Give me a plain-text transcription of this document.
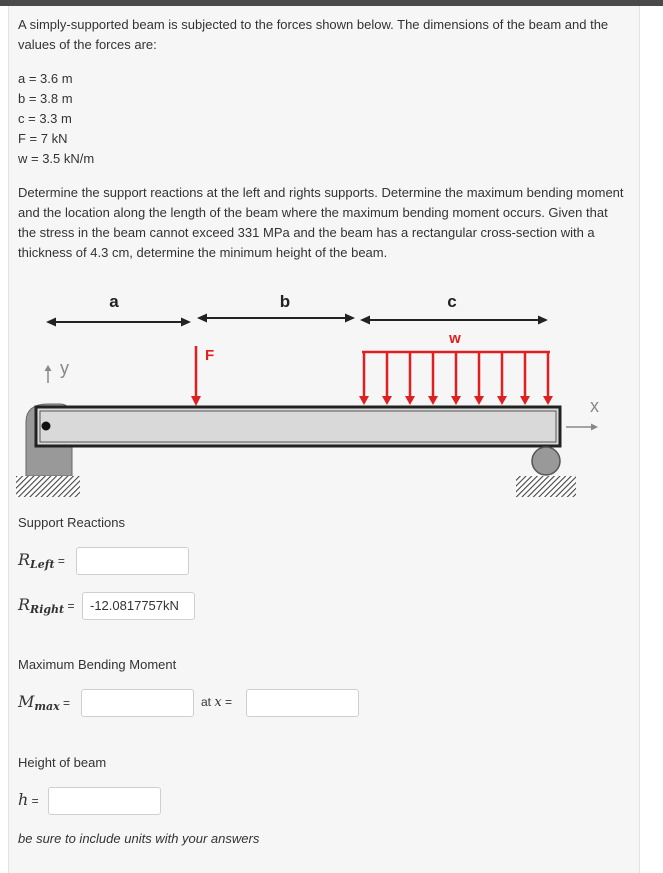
A simply-supported beam is subjected to the forces shown below. The dimensions of the beam and the values of the forces are:
a = 3.6 m
b = 3.8 m
c = 3.3 m
F = 7 kN
w = 3.5 kN/m
Determine the support reactions at the left and rights supports. Determine the maximum bending moment and the location along the length of the beam where the maximum bending moment occurs. Given that the stress in the beam cannot exceed 331 MPa and the beam has a rectangular cross-section with a thickness of 4.3 cm, determine the minimum height of the beam.
a	b	c
w
F
y
x
Support Reactions
$R_{Left}$ =
$R_{Right}$ =	-12.0817757kN
Maximum Bending Moment
$M_{max}$ =	at x =
Height of beam
h =
be sure to include units with your answers
